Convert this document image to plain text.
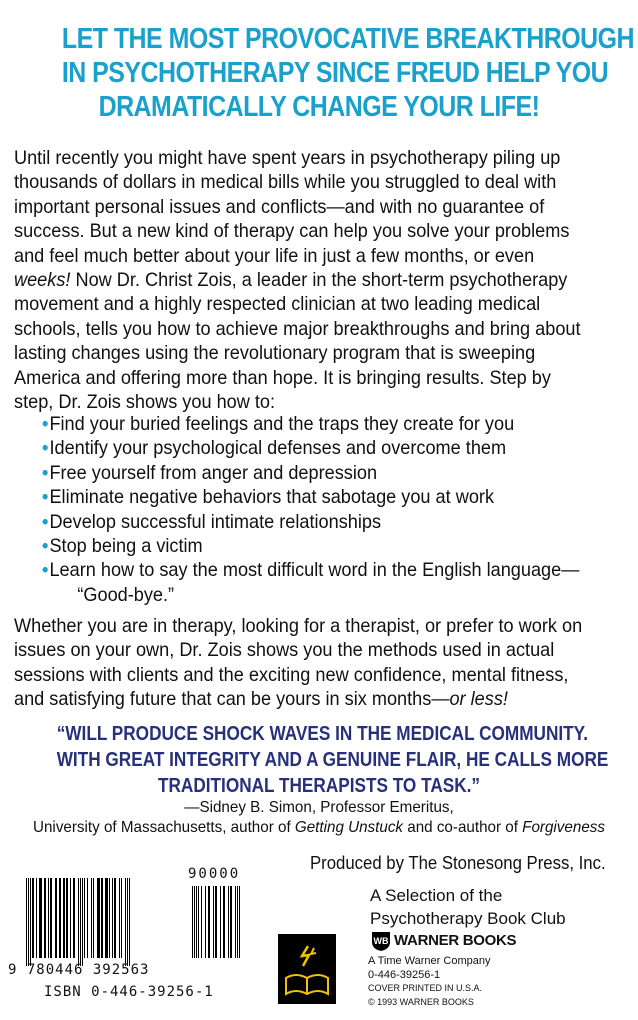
LET THE MOST PROVOCATIVE BREAKTHROUGH
IN PSYCHOTHERAPY SINCE FREUD HELP YOU
DRAMATICALLY CHANGE YOUR LIFE!
Until recently you might have spent years in psychotherapy piling up
thousands of dollars in medical bills while you struggled to deal with
important personal issues and conflicts—and with no guarantee of
success. But a new kind of therapy can help you solve your problems
and feel much better about your life in just a few months, or even
weeks! Now Dr. Christ Zois, a leader in the short-term psychotherapy
movement and a highly respected clinician at two leading medical
schools, tells you how to achieve major breakthroughs and bring about
lasting changes using the revolutionary program that is sweeping
America and offering more than hope. It is bringing results. Step by
step, Dr. Zois shows you how to:
•Find your buried feelings and the traps they create for you
•Identify your psychological defenses and overcome them
•Free yourself from anger and depression
•Eliminate negative behaviors that sabotage you at work
•Develop successful intimate relationships
•Stop being a victim
•Learn how to say the most difficult word in the English language—
“Good-bye.”
Whether you are in therapy, looking for a therapist, or prefer to work on
issues on your own, Dr. Zois shows you the methods used in actual
sessions with clients and the exciting new confidence, mental fitness,
and satisfying future that can be yours in six months—or less!
“WILL PRODUCE SHOCK WAVES IN THE MEDICAL COMMUNITY.
WITH GREAT INTEGRITY AND A GENUINE FLAIR, HE CALLS MORE
TRADITIONAL THERAPISTS TO TASK.”
—Sidney B. Simon, Professor Emeritus,
University of Massachusetts, author of Getting Unstuck and co-author of Forgiveness
Produced by The Stonesong Press, Inc.
A Selection of the
Psychotherapy Book Club
90000
9 780446 392563
ISBN 0-446-39256-1
WB WARNER BOOKS
A Time Warner Company
0-446-39256-1
COVER PRINTED IN U.S.A.
© 1993 WARNER BOOKS
